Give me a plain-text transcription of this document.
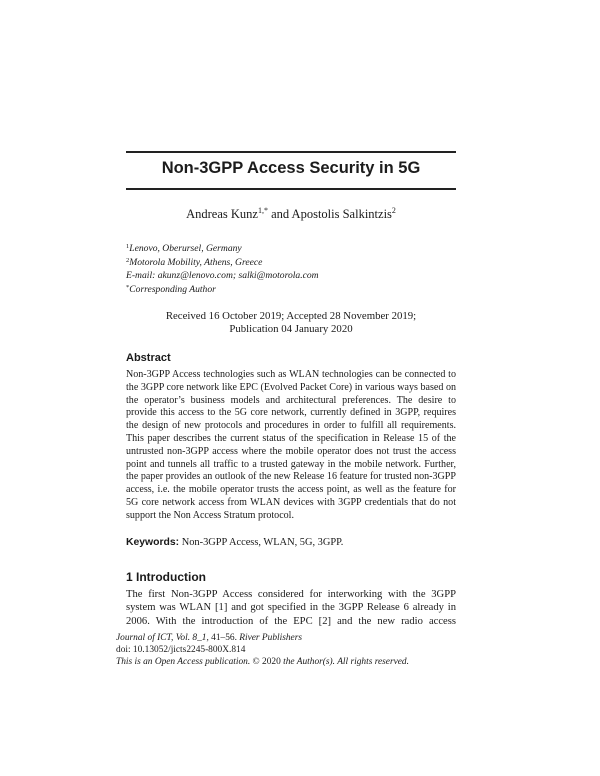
Non-3GPP Access Security in 5G
Andreas Kunz$^{1,*}$ and Apostolis Salkintzis$^2$
$^1$Lenovo, Oberursel, Germany
$^2$Motorola Mobility, Athens, Greece
E-mail: akunz@lenovo.com; salki@motorola.com
*Corresponding Author
Received 16 October 2019; Accepted 28 November 2019;
Publication 04 January 2020
Abstract
Non-3GPP Access technologies such as WLAN technologies can be connected to the 3GPP core network like EPC (Evolved Packet Core) in various ways based on the operator’s business models and architectural preferences. The desire to provide this access to the 5G core network, currently defined in 3GPP, requires the design of new protocols and procedures in order to fulfill all requirements. This paper describes the current status of the specification in Release 15 of the untrusted non-3GPP access where the mobile operator does not trust the access point and tunnels all traffic to a trusted gateway in the mobile network. Further, the paper provides an outlook of the new Release 16 feature for trusted non-3GPP access, i.e. the mobile operator trusts the access point, as well as the feature for 5G core network access from WLAN devices with 3GPP credentials that do not support the Non Access Stratum protocol.
Keywords: Non-3GPP Access, WLAN, 5G, 3GPP.
1 Introduction
The first Non-3GPP Access considered for interworking with the 3GPP system was WLAN [1] and got specified in the 3GPP Release 6 already in 2006. With the introduction of the EPC [2] and the new radio access
Journal of ICT, Vol. 8_1, 41–56. River Publishers
doi: 10.13052/jicts2245-800X.814
This is an Open Access publication. © 2020 the Author(s). All rights reserved.
